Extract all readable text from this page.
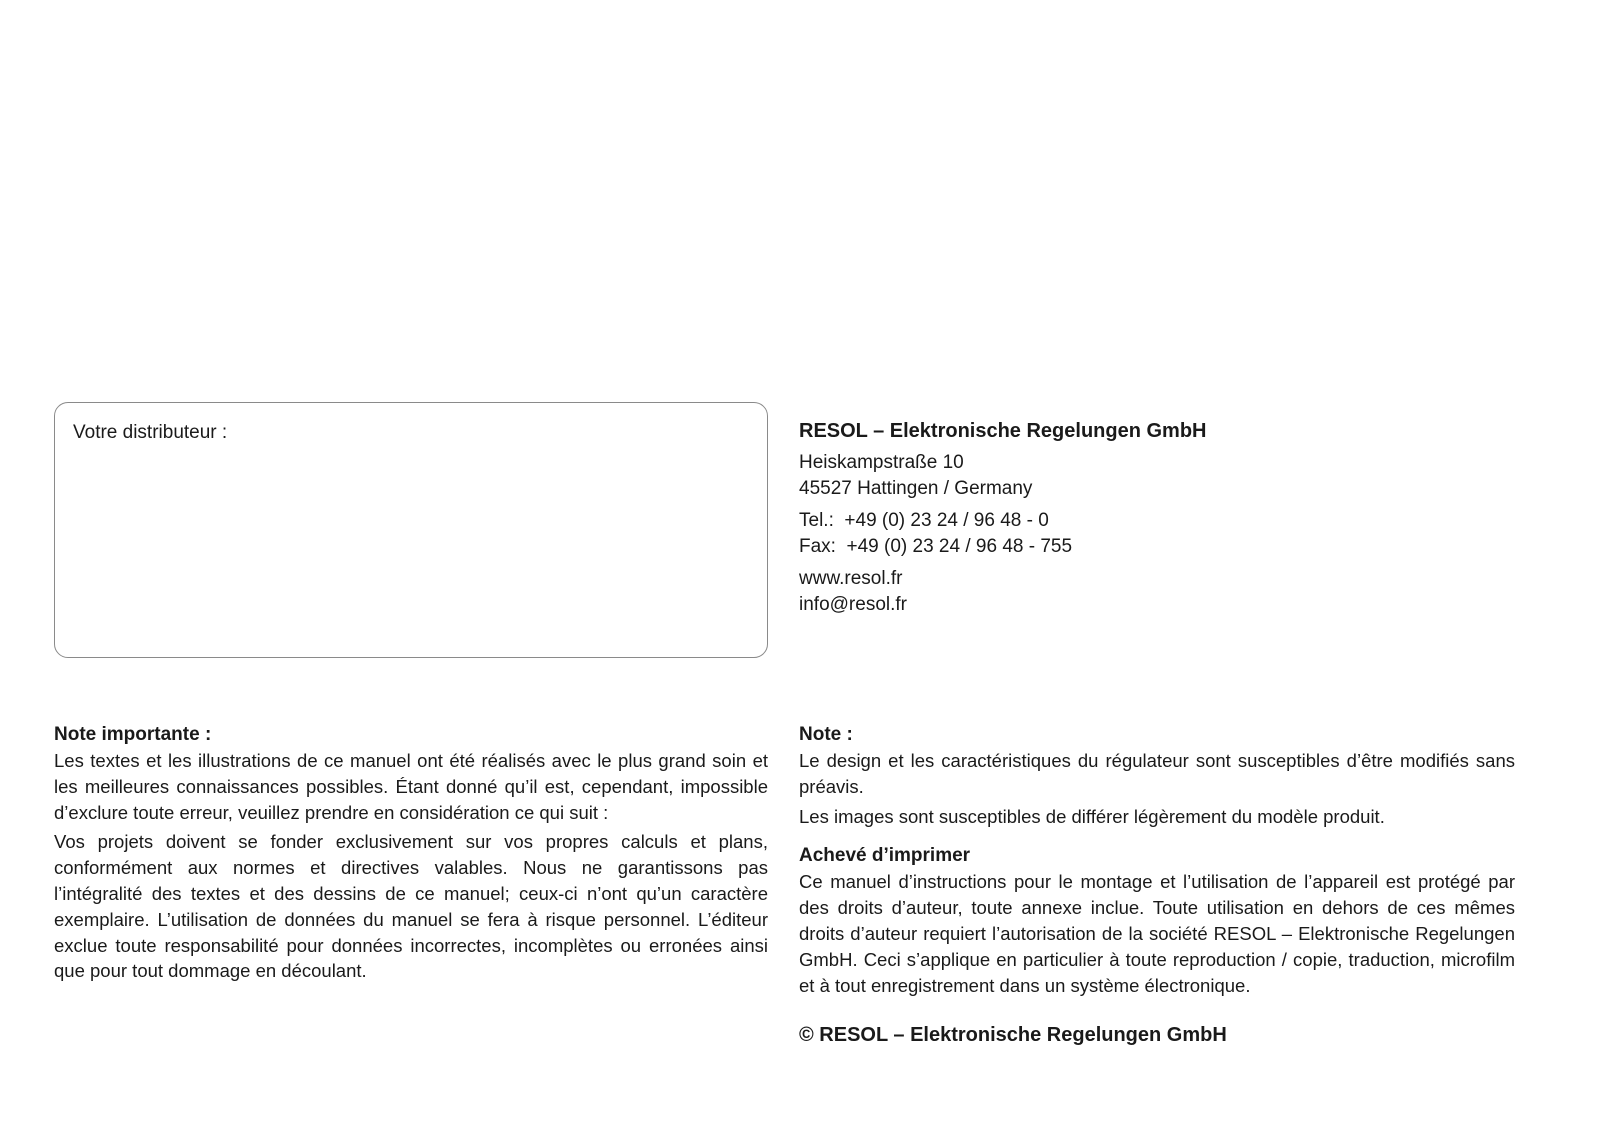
Votre distributeur :	RESOL – Elektronische Regelungen GmbH
Heiskampstraße 10
45527 Hattingen / Germany
Tel.:  +49 (0) 23 24 / 96 48 - 0
Fax:  +49 (0) 23 24 / 96 48 - 755
www.resol.fr
info@resol.fr
Note importante :

Les textes et les illustrations de ce manuel ont été réalisés avec le plus grand soin et les meilleures connaissances possibles. Étant donné qu’il est, cependant, impossible d’exclure toute erreur, veuillez prendre en considération ce qui suit :

Vos projets doivent se fonder exclusivement sur vos propres calculs et plans, conformément aux normes et directives valables. Nous ne garantissons pas l’intégralité des textes et des dessins de ce manuel; ceux-ci n’ont qu’un caractère exemplaire. L’utilisation de données du manuel se fera à risque personnel. L’éditeur exclue toute responsabilité pour données incorrectes, incomplètes ou erronées ainsi que pour tout dommage en découlant.

Note :

Le design et les caractéristiques du régulateur sont susceptibles d’être modifiés sans préavis.

Les images sont susceptibles de différer légèrement du modèle produit.

Achevé d’imprimer

Ce manuel d’instructions pour le montage et l’utilisation de l’appareil est protégé par des droits d’auteur, toute annexe inclue. Toute utilisation en dehors de ces mêmes droits d’auteur requiert l’autorisation de la société RESOL – Elektronische Regelungen GmbH. Ceci s’applique en particulier à toute reproduction / copie, traduction, microfilm et à tout enregistrement dans un système électronique.

© RESOL – Elektronische Regelungen GmbH
